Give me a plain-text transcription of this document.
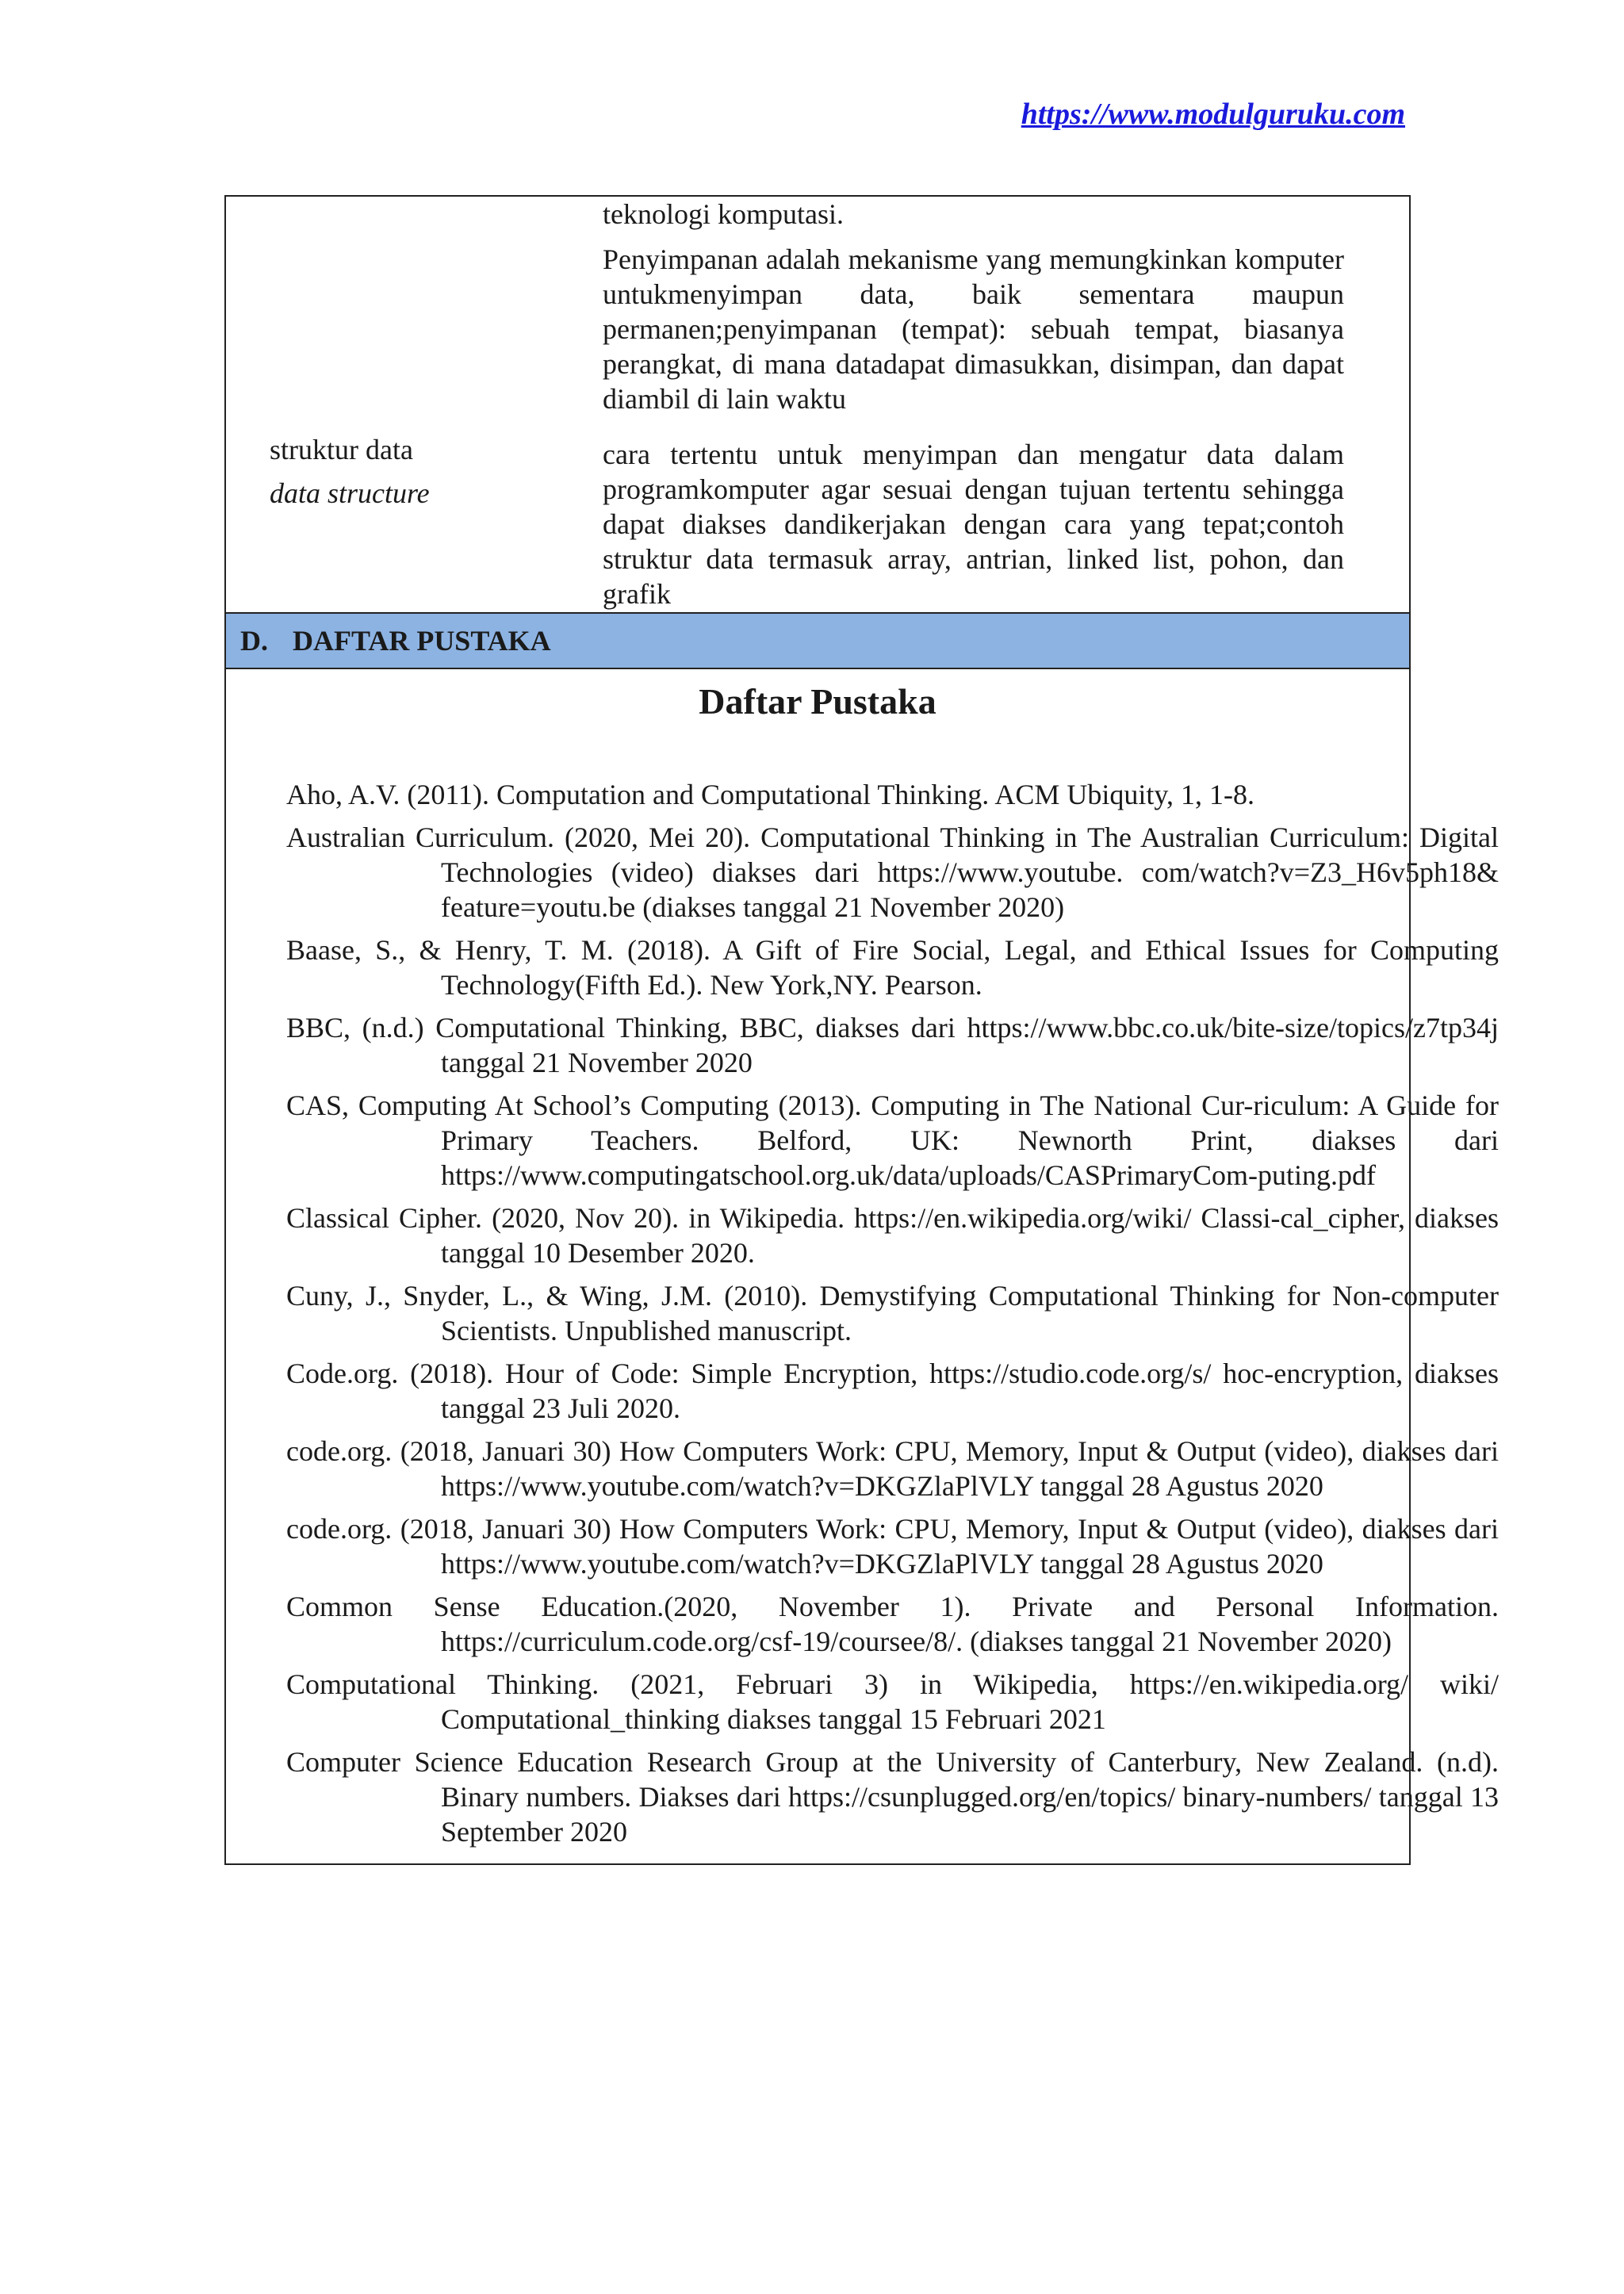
https://www.modulguruku.com
struktur data
data structure

teknologi komputasi.

Penyimpanan adalah mekanisme yang memungkinkan komputer untukmenyimpan data, baik sementara maupun permanen;penyimpanan (tempat): sebuah tempat, biasanya perangkat, di mana datadapat dimasukkan, disimpan, dan dapat diambil di lain waktu

cara tertentu untuk menyimpan dan mengatur data dalam programkomputer agar sesuai dengan tujuan tertentu sehingga dapat diakses dandikerjakan dengan cara yang tepat;contoh struktur data termasuk array, antrian, linked list, pohon, dan grafik

D. DAFTAR PUSTAKA
Daftar Pustaka
Aho, A.V. (2011). Computation and Computational Thinking. ACM Ubiquity, 1, 1-8.
Australian Curriculum. (2020, Mei 20). Computational Thinking in The Australian Curriculum: Digital Technologies (video) diakses dari https://www.youtube. com/watch?v=Z3_H6v5ph18& feature=youtu.be (diakses tanggal 21 November 2020)
Baase, S., & Henry, T. M. (2018). A Gift of Fire Social, Legal, and Ethical Issues for Computing Technology(Fifth Ed.). New York,NY. Pearson.
BBC, (n.d.) Computational Thinking, BBC, diakses dari https://www.bbc.co.uk/bite-size/topics/z7tp34j tanggal 21 November 2020
CAS, Computing At School’s Computing (2013). Computing in The National Cur-riculum: A Guide for Primary Teachers. Belford, UK: Newnorth Print, diakses dari https://www.computingatschool.org.uk/data/uploads/CASPrimaryCom-puting.pdf
Classical Cipher. (2020, Nov 20). in Wikipedia. https://en.wikipedia.org/wiki/ Classi-cal_cipher, diakses tanggal 10 Desember 2020.
Cuny, J., Snyder, L., & Wing, J.M. (2010). Demystifying Computational Thinking for Non-computer Scientists. Unpublished manuscript.
Code.org. (2018). Hour of Code: Simple Encryption, https://studio.code.org/s/ hoc-encryption, diakses tanggal 23 Juli 2020.
code.org. (2018, Januari 30) How Computers Work: CPU, Memory, Input & Output (video), diakses dari https://www.youtube.com/watch?v=DKGZlaPlVLY tanggal 28 Agustus 2020
code.org. (2018, Januari 30) How Computers Work: CPU, Memory, Input & Output (video), diakses dari https://www.youtube.com/watch?v=DKGZlaPlVLY tanggal 28 Agustus 2020
Common Sense Education.(2020, November 1). Private and Personal Information. https://curriculum.code.org/csf-19/coursee/8/. (diakses tanggal 21 November 2020)
Computational Thinking. (2021, Februari 3) in Wikipedia, https://en.wikipedia.org/ wiki/ Computational_thinking diakses tanggal 15 Februari 2021
Computer Science Education Research Group at the University of Canterbury, New Zealand. (n.d). Binary numbers. Diakses dari https://csunplugged.org/en/topics/ binary-numbers/ tanggal 13 September 2020
